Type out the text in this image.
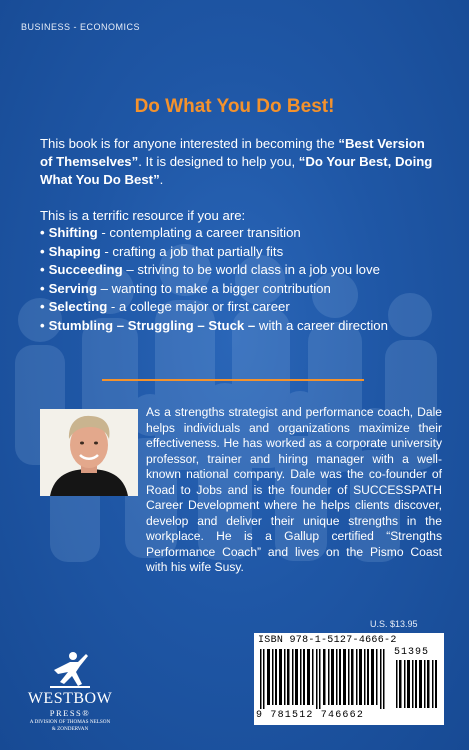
BUSINESS - ECONOMICS
Do What You Do Best!
This book is for anyone interested in becoming the “Best Version of Themselves”. It is designed to help you, “Do Your Best, Doing What You Do Best”.
This is a terrific resource if you are:
• Shifting - contemplating a career transition
• Shaping - crafting a job that partially fits
• Succeeding – striving to be world class in a job you love
• Serving – wanting to make a bigger contribution
• Selecting - a college major or first career
• Stumbling – Struggling – Stuck – with a career direction
As a strengths strategist and performance coach, Dale helps individuals and organizations maximize their effectiveness. He has worked as a corporate university professor, trainer and hiring manager with a well-known national company. Dale was the co-founder of Road to Jobs and is the founder of SUCCESSPATH Career Development where he helps clients discover, develop and deliver their unique strengths in the workplace. He is a Gallup certified “Strengths Performance Coach” and lives on the Pismo Coast with his wife Susy.
U.S. $13.95
ISBN 978-1-5127-4666-2
51395
9 781512 746662
WESTBOW
PRESS®
A DIVISION OF THOMAS NELSON
& ZONDERVAN
